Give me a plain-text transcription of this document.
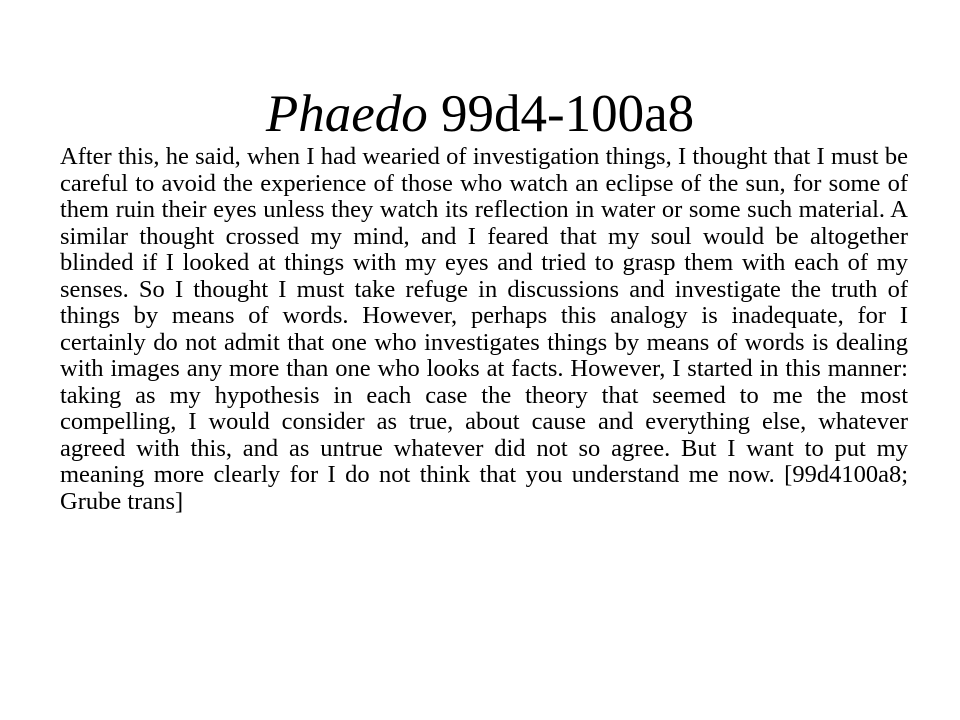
Phaedo 99d4-100a8

After this, he said, when I had wearied of investigation things, I thought that I must be careful to avoid the experience of those who watch an eclipse of the sun, for some of them ruin their eyes unless they watch its reflection in water or some such material. A similar thought crossed my mind, and I feared that my soul would be altogether blinded if I looked at things with my eyes and tried to grasp them with each of my senses. So I thought I must take refuge in discussions and investigate the truth of things by means of words. However, perhaps this analogy is inadequate, for I certainly do not admit that one who investigates things by means of words is dealing with images any more than one who looks at facts. However, I started in this manner: taking as my hypothesis in each case the theory that seemed to me the most compelling, I would consider as true, about cause and everything else, whatever agreed with this, and as untrue whatever did not so agree. But I want to put my meaning more clearly for I do not think that you understand me now. [99d4100a8; Grube trans]
